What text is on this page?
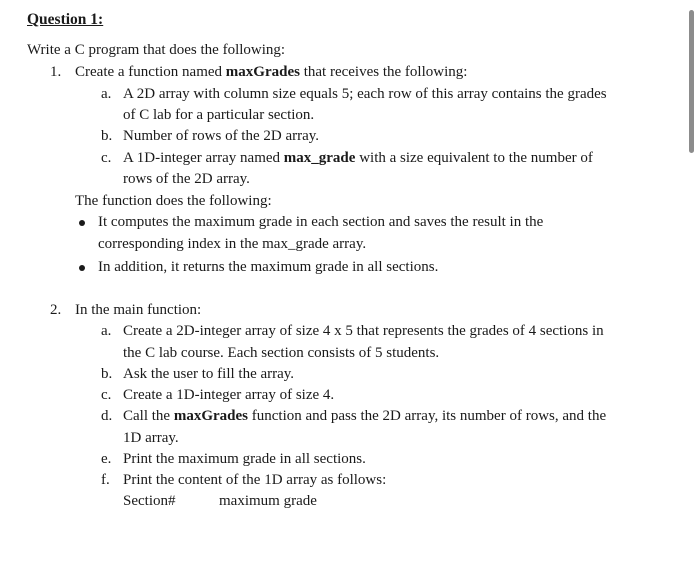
Question 1:
Write a C program that does the following:
1. Create a function named maxGrades that receives the following:
a. A 2D array with column size equals 5; each row of this array contains the grades
of C lab for a particular section.
b. Number of rows of the 2D array.
c. A 1D-integer array named max_grade with a size equivalent to the number of
rows of the 2D array.
The function does the following:
It computes the maximum grade in each section and saves the result in the
corresponding index in the max_grade array.
In addition, it returns the maximum grade in all sections.
2. In the main function:
a. Create a 2D-integer array of size 4 x 5 that represents the grades of 4 sections in
the C lab course. Each section consists of 5 students.
b. Ask the user to fill the array.
c. Create a 1D-integer array of size 4.
d. Call the maxGrades function and pass the 2D array, its number of rows, and the
1D array.
e. Print the maximum grade in all sections.
f. Print the content of the 1D array as follows:
Section#	maximum grade
